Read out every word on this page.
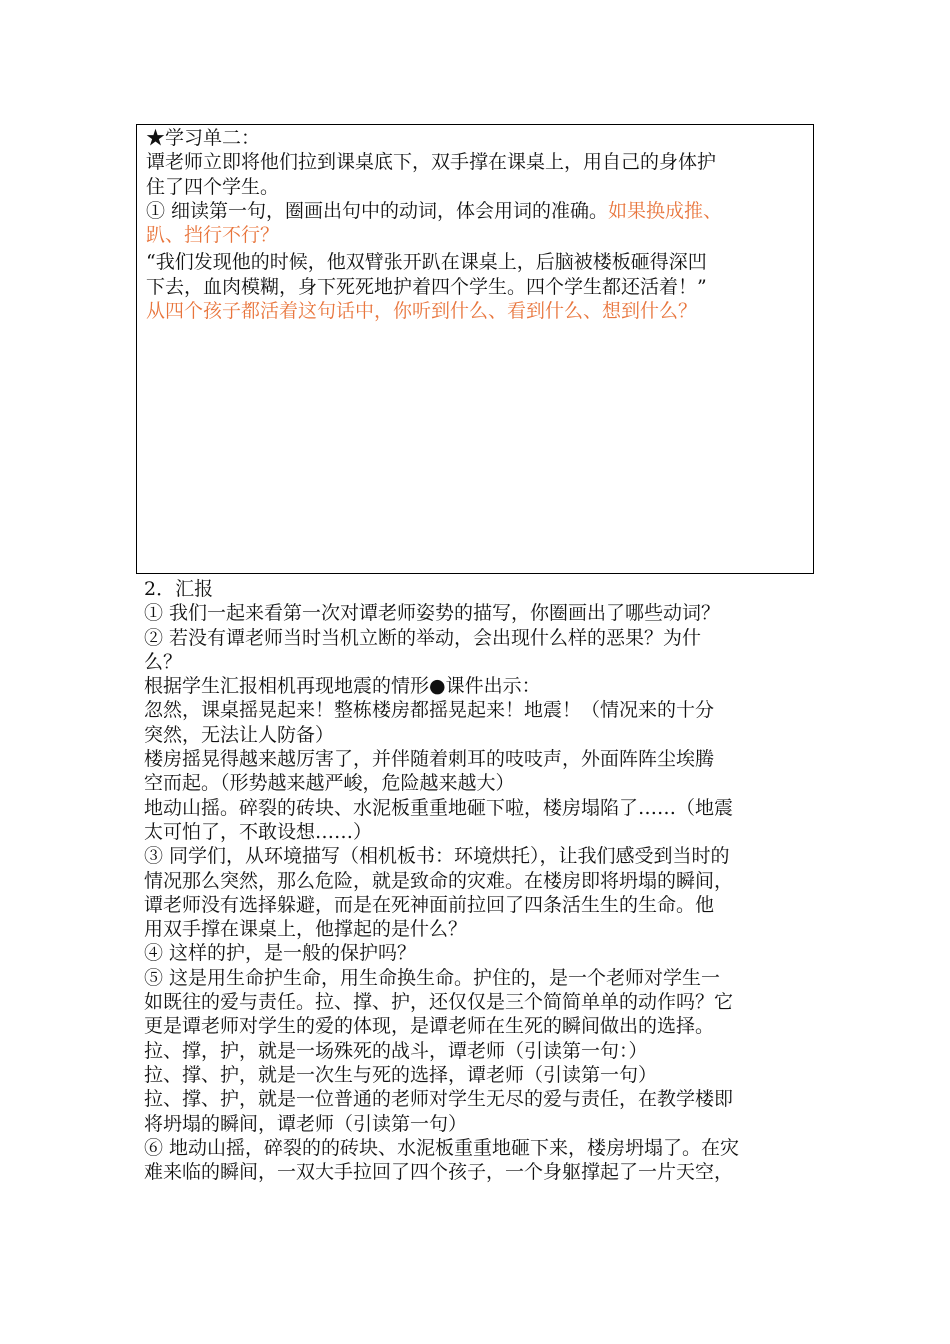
★学习单二：
谭老师立即将他们拉到课桌底下，双手撑在课桌上，用自己的身体护
住了四个学生。
① 细读第一句，圈画出句中的动词，体会用词的准确。如果换成推、
趴、挡行不行？
“我们发现他的时候，他双臂张开趴在课桌上，后脑被楼板砸得深凹
下去，血肉模糊，身下死死地护着四个学生。四个学生都还活着！”
从四个孩子都活着这句话中，你听到什么、看到什么、想到什么？
2．汇报
① 我们一起来看第一次对谭老师姿势的描写，你圈画出了哪些动词？
② 若没有谭老师当时当机立断的举动，会出现什么样的恶果？为什
么？
根据学生汇报相机再现地震的情形●课件出示：
忽然，课桌摇晃起来！整栋楼房都摇晃起来！地震！（情况来的十分
突然，无法让人防备）
楼房摇晃得越来越厉害了，并伴随着刺耳的吱吱声，外面阵阵尘埃腾
空而起。（形势越来越严峻，危险越来越大）
地动山摇。碎裂的砖块、水泥板重重地砸下啦，楼房塌陷了……（地震
太可怕了，不敢设想……）
③ 同学们，从环境描写（相机板书：环境烘托），让我们感受到当时的
情况那么突然，那么危险，就是致命的灾难。在楼房即将坍塌的瞬间，
谭老师没有选择躲避，而是在死神面前拉回了四条活生生的生命。他
用双手撑在课桌上，他撑起的是什么？
④ 这样的护，是一般的保护吗？
⑤ 这是用生命护生命，用生命换生命。护住的，是一个老师对学生一
如既往的爱与责任。拉、撑、护，还仅仅是三个简简单单的动作吗？它
更是谭老师对学生的爱的体现，是谭老师在生死的瞬间做出的选择。
拉、撑，护，就是一场殊死的战斗，谭老师（引读第一句：）
拉、撑、护，就是一次生与死的选择，谭老师（引读第一句）
拉、撑、护，就是一位普通的老师对学生无尽的爱与责任，在教学楼即
将坍塌的瞬间，谭老师（引读第一句）
⑥ 地动山摇，碎裂的的砖块、水泥板重重地砸下来，楼房坍塌了。在灾
难来临的瞬间，一双大手拉回了四个孩子，一个身躯撑起了一片天空，
